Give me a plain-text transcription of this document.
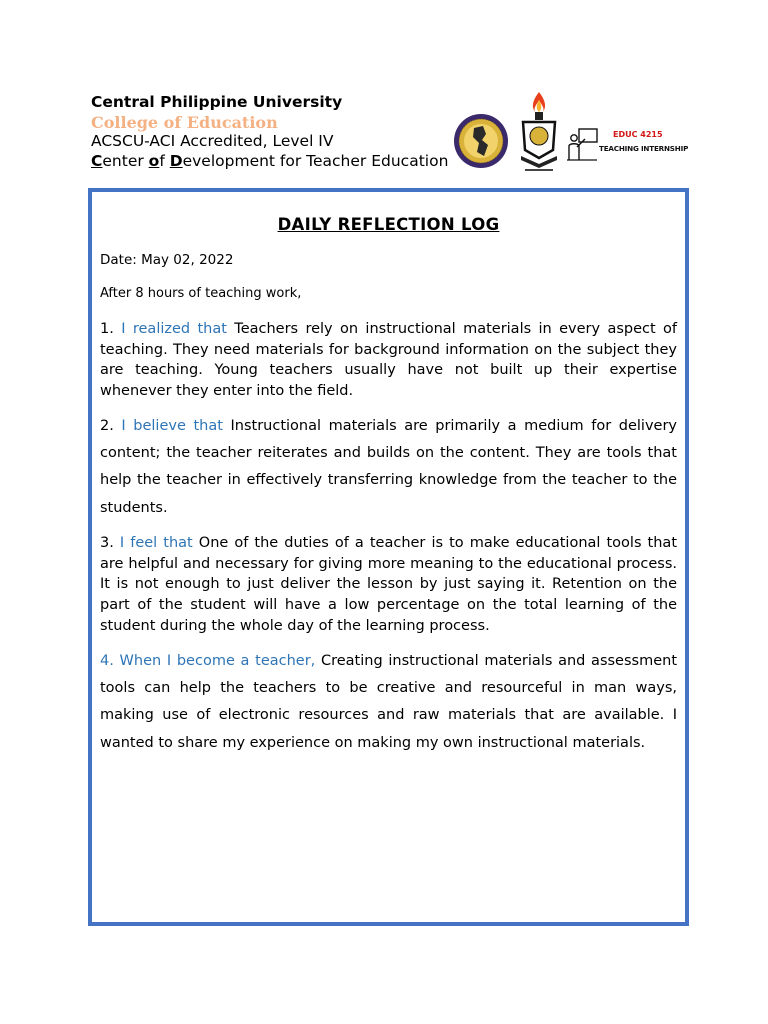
Central Philippine University
College of Education
ACSCU-ACI Accredited, Level IV
Center of Development for Teacher Education
EDUC 4215
TEACHING INTERNSHIP
DAILY REFLECTION LOG
Date: May 02, 2022
After 8 hours of teaching work,
1. I realized that Teachers rely on instructional materials in every aspect of teaching. They need materials for background information on the subject they are teaching. Young teachers usually have not built up their expertise whenever they enter into the field.
2. I believe that Instructional materials are primarily a medium for delivery content; the teacher reiterates and builds on the content. They are tools that help the teacher in effectively transferring knowledge from the teacher to the students.
3. I feel that One of the duties of a teacher is to make educational tools that are helpful and necessary for giving more meaning to the educational process. It is not enough to just deliver the lesson by just saying it. Retention on the part of the student will have a low percentage on the total learning of the student during the whole day of the learning process.
4. When I become a teacher, Creating instructional materials and assessment tools can help the teachers to be creative and resourceful in man ways, making use of electronic resources and raw materials that are available. I wanted to share my experience on making my own instructional materials.
